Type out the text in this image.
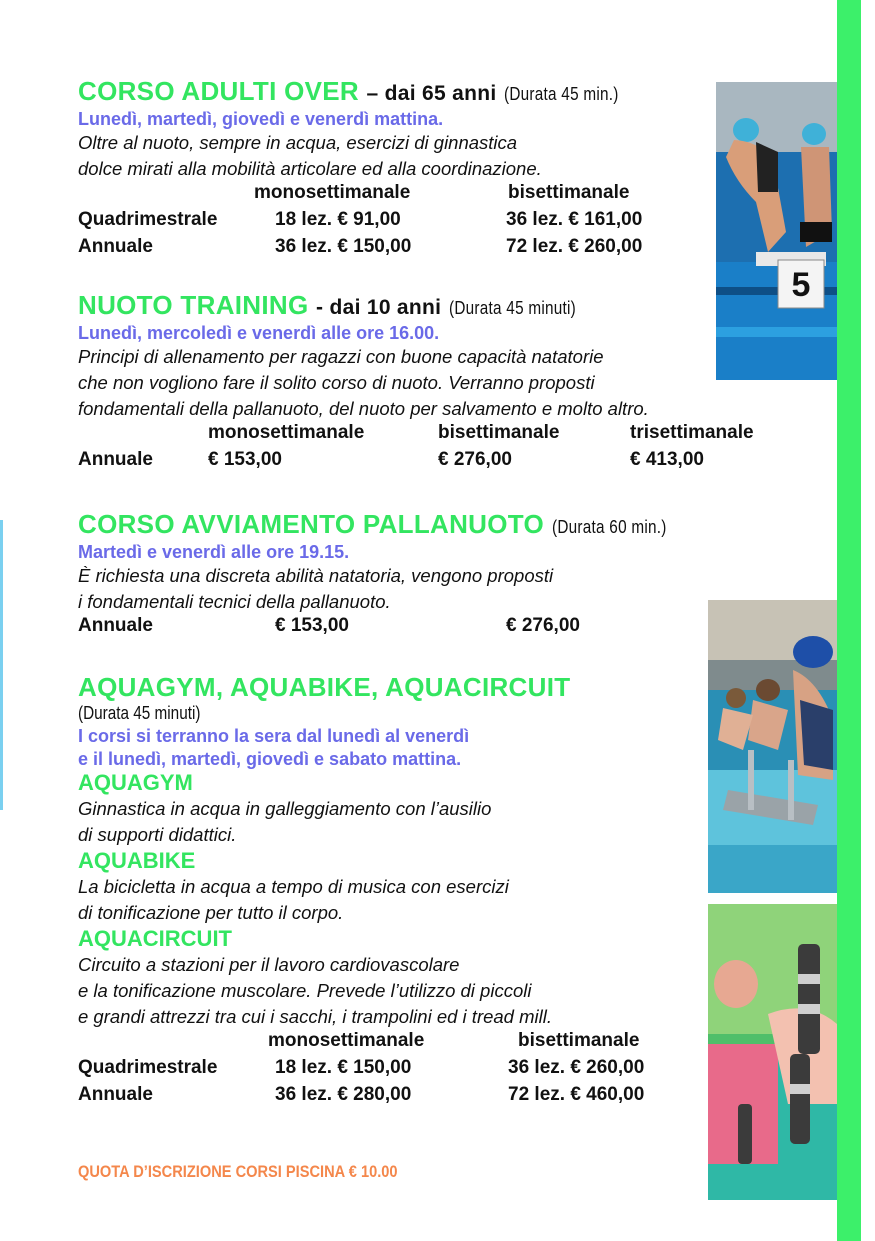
5
CORSO ADULTI OVER – dai 65 anni (Durata 45 min.)
Lunedì, martedì, giovedì e venerdì mattina.
Oltre al nuoto, sempre in acqua, esercizi di ginnastica
dolce mirati alla mobilità articolare ed alla coordinazione.
monosettimanale	bisettimanale
Quadrimestrale	18 lez. € 91,00	36 lez. € 161,00
Annuale	36 lez. € 150,00	72 lez. € 260,00
NUOTO TRAINING - dai 10 anni (Durata 45 minuti)
Lunedì, mercoledì e venerdì alle ore 16.00.
Principi di allenamento per ragazzi con buone capacità natatorie
che non vogliono fare il solito corso di nuoto. Verranno proposti
fondamentali della pallanuoto, del nuoto per salvamento e molto altro.
monosettimanale	bisettimanale	trisettimanale
Annuale	€ 153,00	€ 276,00	€ 413,00
CORSO AVVIAMENTO PALLANUOTO (Durata 60 min.)
Martedì e venerdì alle ore 19.15.
È richiesta una discreta abilità natatoria, vengono proposti
i fondamentali tecnici della pallanuoto.
Annuale	€ 153,00	€ 276,00
AQUAGYM, AQUABIKE, AQUACIRCUIT
(Durata 45 minuti)
I corsi si terranno la sera dal lunedì al venerdì
e il lunedì, martedì, giovedì e sabato mattina.
AQUAGYM
Ginnastica in acqua in galleggiamento con l’ausilio
di supporti didattici.
AQUABIKE
La bicicletta in acqua a tempo di musica con esercizi
di tonificazione per tutto il corpo.
AQUACIRCUIT
Circuito a stazioni per il lavoro cardiovascolare
e la tonificazione muscolare. Prevede l’utilizzo di piccoli
e grandi attrezzi tra cui i sacchi, i trampolini ed i tread mill.
monosettimanale	bisettimanale
Quadrimestrale	18 lez. € 150,00	36 lez. € 260,00
Annuale	36 lez. € 280,00	72 lez. € 460,00
QUOTA D’ISCRIZIONE CORSI PISCINA € 10.00
